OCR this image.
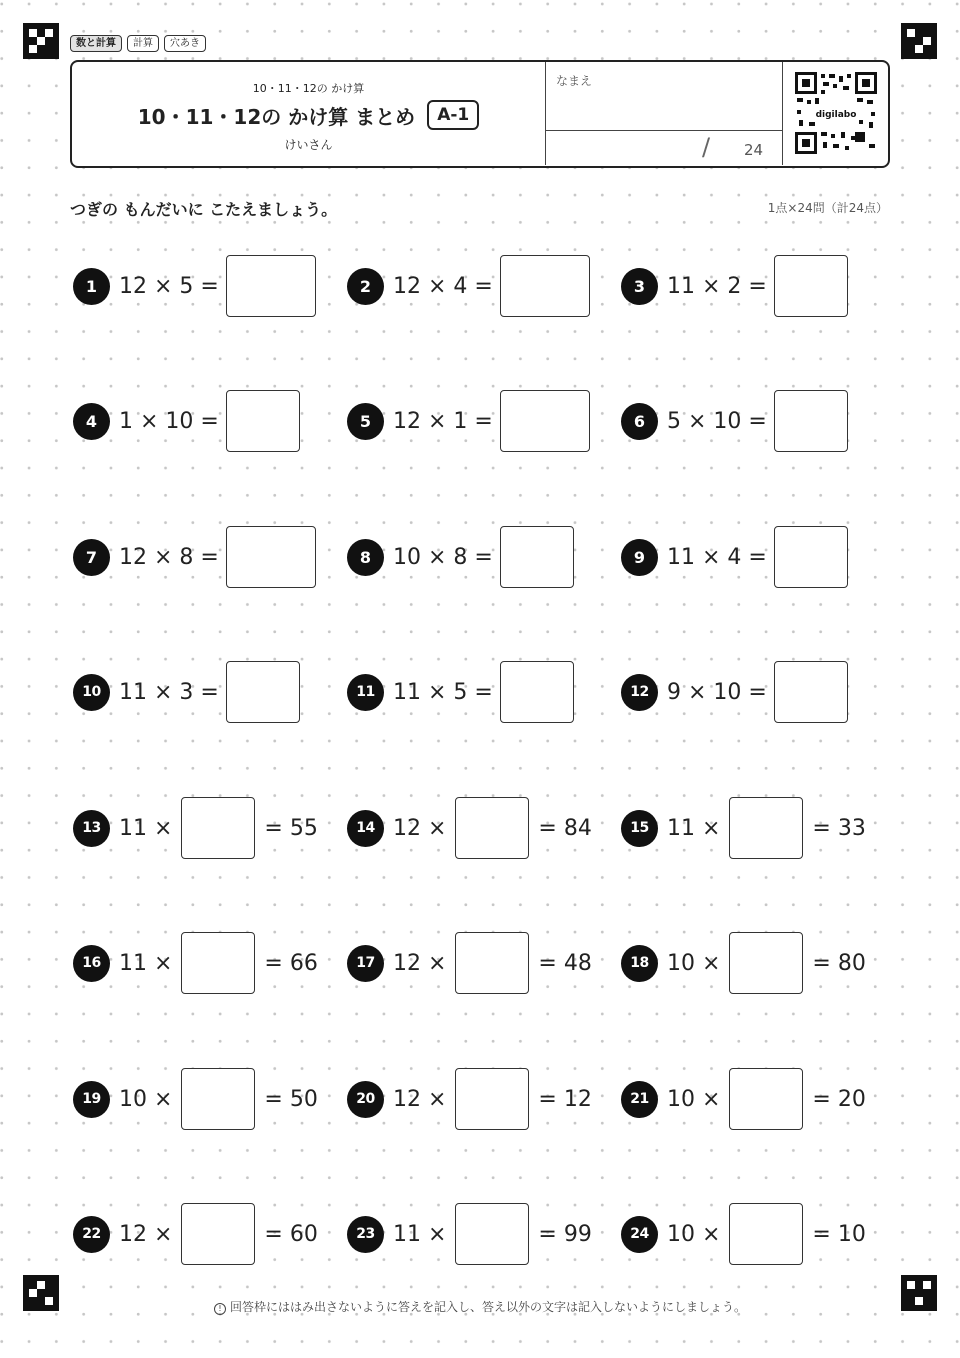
数と計算	計算	穴あき
10・11・12の かけ算
10・11・12の かけ算 まとめ	A-1
けいさん
なまえ
/ 24
digilabo
つぎの もんだいに こたえましょう。	1点×24問（計24点）
1 12 × 5 =	2 12 × 4 =	3 11 × 2 =
4 1 × 10 =	5 12 × 1 =	6 5 × 10 =
7 12 × 8 =	8 10 × 8 =	9 11 × 4 =
10 11 × 3 =	11 11 × 5 =	12 9 × 10 =
13 11 ×	= 55	14 12 ×	= 84	15 11 ×	= 33
16 11 ×	= 66	17 12 ×	= 48	18 10 ×	= 80
19 10 ×	= 50	20 12 ×	= 12	21 10 ×	= 20
22 12 ×	= 60	23 11 ×	= 99	24 10 ×	= 10
! 回答枠にははみ出さないように答えを記入し、答え以外の文字は記入しないようにしましょう。
